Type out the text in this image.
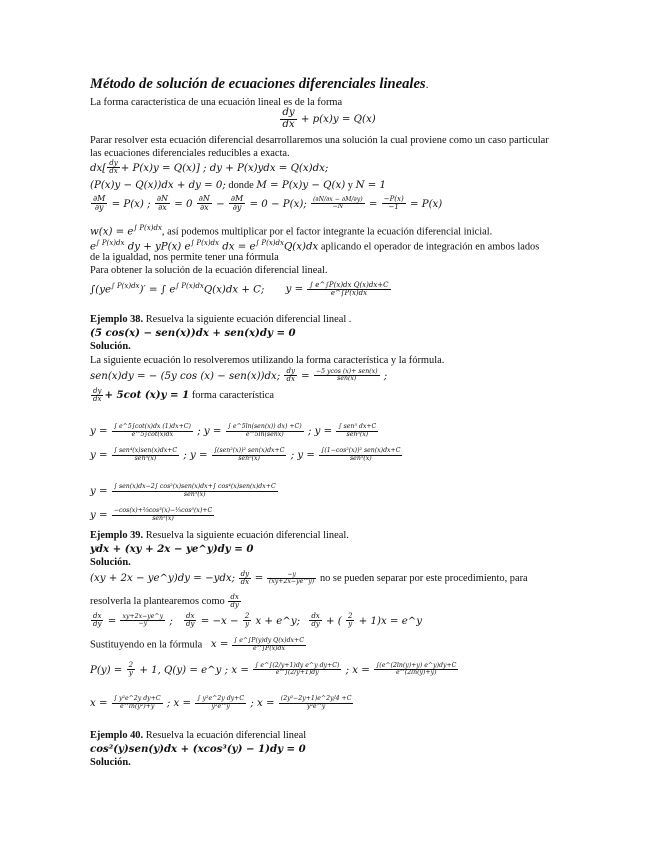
Método de solución de ecuaciones diferenciales lineales.
La forma característica de una ecuación lineal es de la forma
$\frac{dy}{dx} + p(x)y = Q(x)$
Parar resolver esta ecuación diferencial desarrollaremos una solución la cual proviene como un caso particular
las ecuaciones diferenciales reducibles a exacta.
$dx[ \frac{dy}{dx} + P(x)y = Q(x)]$ ; dy + P(x)ydx = Q(x)dx;
(P(x)y − Q(x))dx + dy = 0; donde M = P(x)y − Q(x) y N = 1
$\frac{\partial M}{\partial y} = P(x)$ ; $\frac{\partial N}{\partial x} = 0 \frac{\partial N}{\partial x} - \frac{\partial M}{\partial y} = 0 - P(x)$; $\frac{(\partial N/\partial x - \partial M/\partial y)}{-N} = \frac{-P(x)}{-1} = P(x)$
$w(x) = e^{\int P(x)dx}$, así podemos multiplicar por el factor integrante la ecuación diferencial inicial.
$e^{\int P(x)dx}$ dy + yP(x) $e^{\int P(x)dx}$ dx = $e^{\int P(x)dx}Q(x)dx$ aplicando el operador de integración en ambos lados
de la igualdad, nos permite tener una fórmula
Para obtener la solución de la ecuación diferencial lineal.
$\int(ye^{\int P(x)dx})'$ = ∫ $e^{\int P(x)dx}Q(x)dx + C$; $y = \frac{\text{∫ e\textasciicircum{}∫P(x)dx Q(x)dx+C}}{e\^{}\int P(x)dx}$
Ejemplo 38. Resuelva la siguiente ecuación diferencial lineal .
(5 cos(x) − sen(x))dx + sen(x)dy = 0
Solución.
La siguiente ecuación lo resolveremos utilizando la forma característica y la fórmula.
sen(x)dy = − (5y cos (x) − sen(x))dx; $\frac{dy}{dx} = \frac{\text{−5 ycos (x)+ sen(x)}}{\text{sen(x)}}$ ;
$\frac{dy}{dx} + 5\cot$ (x)y = 1 forma característica
$y = \frac{\int e\^{}5\int\cot(x)dx (1)dx+C)}{e\^{}5\int\cot(x)dx}$ ; $y = \frac{\text{∫ e\textasciicircum{}5ln(sen(x)) dx) +C)}}{\text{e\textasciicircum{}5ln(senx)}}$ ; $y = \frac{\text{∫ sen⁵ dx+C}}{\text{sen⁵(x)}}$
$y = \frac{\text{∫ sen⁴(x)sen(x)dx+C}}{\text{sen⁵(x)}}$ ; $y = \frac{\text{∫(sen²(x))² sen(x)dx+C}}{\text{sen⁵(x)}}$ ; $y = \frac{\text{∫(1−cos²(x))² sen(x)dx+C}}{\text{sen⁵(x)}}$
$y = \frac{\text{∫ sen(x)dx−2∫ cos²(x)sen(x)dx+∫ cos⁴(x)sen(x)dx+C}}{\text{sen⁵(x)}}$
$y = \frac{\text{−cos(x)+⅔cos³(x)−⅕cos⁵(x)+C}}{\text{sen⁵(x)}}$
Ejemplo 39. Resuelva la siguiente ecuación diferencial lineal.
ydx + (xy + 2x − ye^y)dy = 0
Solución.
(xy + 2x − ye^y)dy = −ydx; $\frac{dy}{dx} = \frac{-y}{(xy+2x-ye\^{}y)}$ no se pueden separar por este procedimiento, para
resolverla la plantearemos como $\frac{dx}{dy}$
$\frac{dx}{dy} = \frac{xy+2x-ye\^{}y}{-y}$ ; $\frac{dx}{dy} = -x - \frac{2}{y}$ x + e^y; $\frac{dx}{dy}$ + ( $\frac{2}{y} + 1)x$ = e^y
Sustituyendo en la fórmula $x = \frac{\text{∫ e\textasciicircum{}∫P(y)dy Q(x)dx+C}}{e\^{}\int P(x)dx}$
$P(y) = \frac{2}{y} + 1$, Q(y) = e^y ; $x = \frac{\text{∫ e\textasciicircum{}∫(2/y+1)dy e\textasciicircum{}y dy+C)}}{e\^{}\int(2/y+1)dy}$ ; $x = \frac{\int(e\^{}(2\ln(y)+y) e\^{}y)dy+C}{e\^{}(2\ln(y)+y)}$
$x = \frac{\text{∫ y²e\textasciicircum{}2y dy+C}}{\text{e\textasciicircum{}ln(y²)+y}}$ ; $x = \frac{\text{∫ y²e\textasciicircum{}2y dy+C}}{\text{y²e\textasciicircum{}y}}$ ; $x = \frac{\text{(2y²−2y+1)e\textasciicircum{}2y/4 +C}}{\text{y²e\textasciicircum{}y}}$
Ejemplo 40. Resuelva la ecuación diferencial lineal
cos²(y)sen(y)dx + (xcos³(y) − 1)dy = 0
Solución.
